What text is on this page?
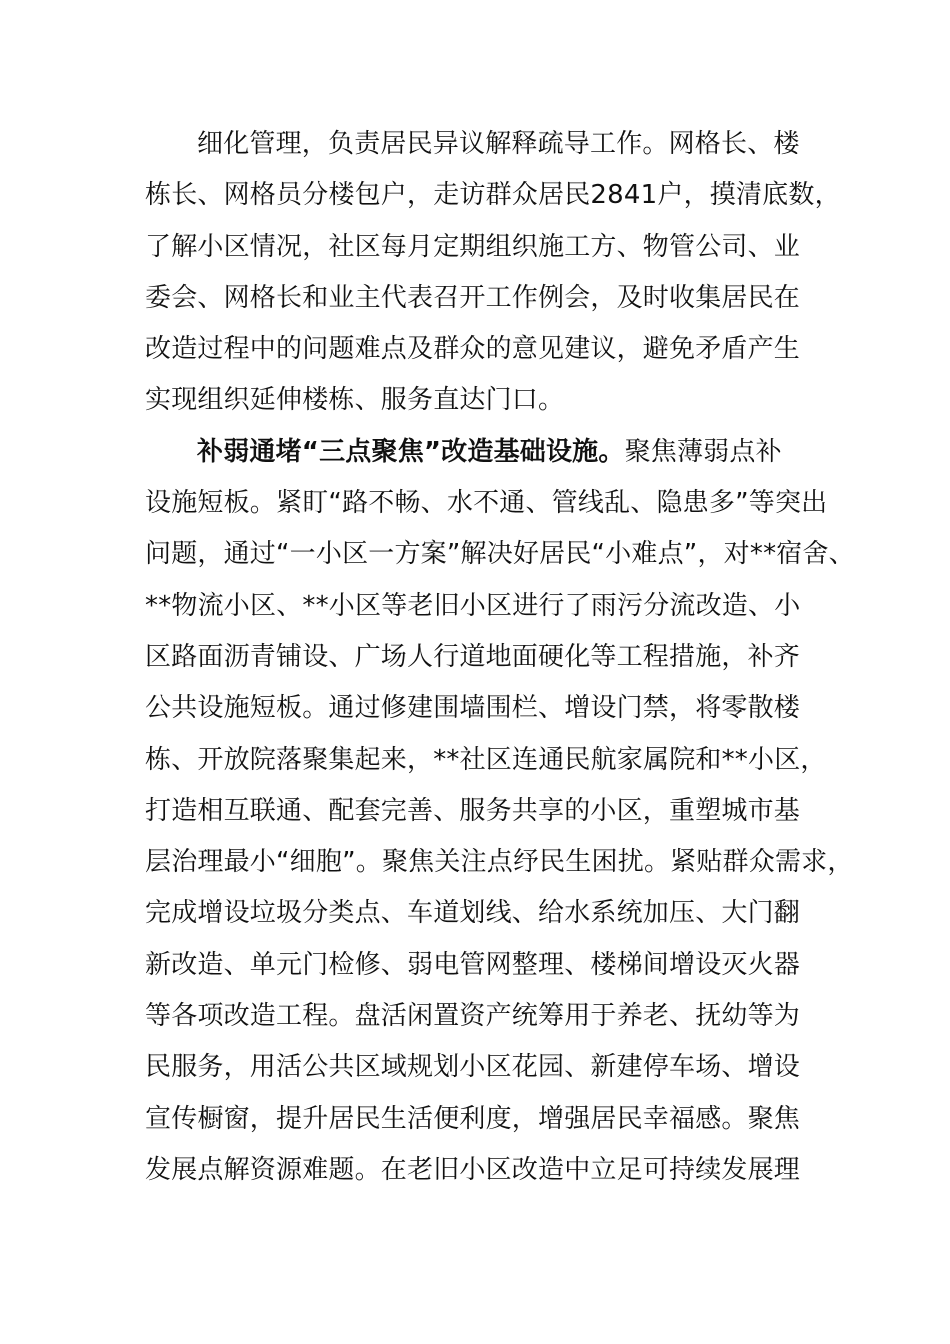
细化管理，负责居民异议解释疏导工作。网格长、楼
栋长、网格员分楼包户，走访群众居民2841户，摸清底数，
了解小区情况，社区每月定期组织施工方、物管公司、业
委会、网格长和业主代表召开工作例会，及时收集居民在
改造过程中的问题难点及群众的意见建议，避免矛盾产生
实现组织延伸楼栋、服务直达门口。
补弱通堵“三点聚焦”改造基础设施。聚焦薄弱点补
设施短板。紧盯“路不畅、水不通、管线乱、隐患多”等突出
问题，通过“一小区一方案”解决好居民“小难点”，对**宿舍、
**物流小区、**小区等老旧小区进行了雨污分流改造、小
区路面沥青铺设、广场人行道地面硬化等工程措施，补齐
公共设施短板。通过修建围墙围栏、增设门禁，将零散楼
栋、开放院落聚集起来，**社区连通民航家属院和**小区，
打造相互联通、配套完善、服务共享的小区，重塑城市基
层治理最小“细胞”。聚焦关注点纾民生困扰。紧贴群众需求，
完成增设垃圾分类点、车道划线、给水系统加压、大门翻
新改造、单元门检修、弱电管网整理、楼梯间增设灭火器
等各项改造工程。盘活闲置资产统筹用于养老、抚幼等为
民服务，用活公共区域规划小区花园、新建停车场、增设
宣传橱窗，提升居民生活便利度，增强居民幸福感。聚焦
发展点解资源难题。在老旧小区改造中立足可持续发展理
